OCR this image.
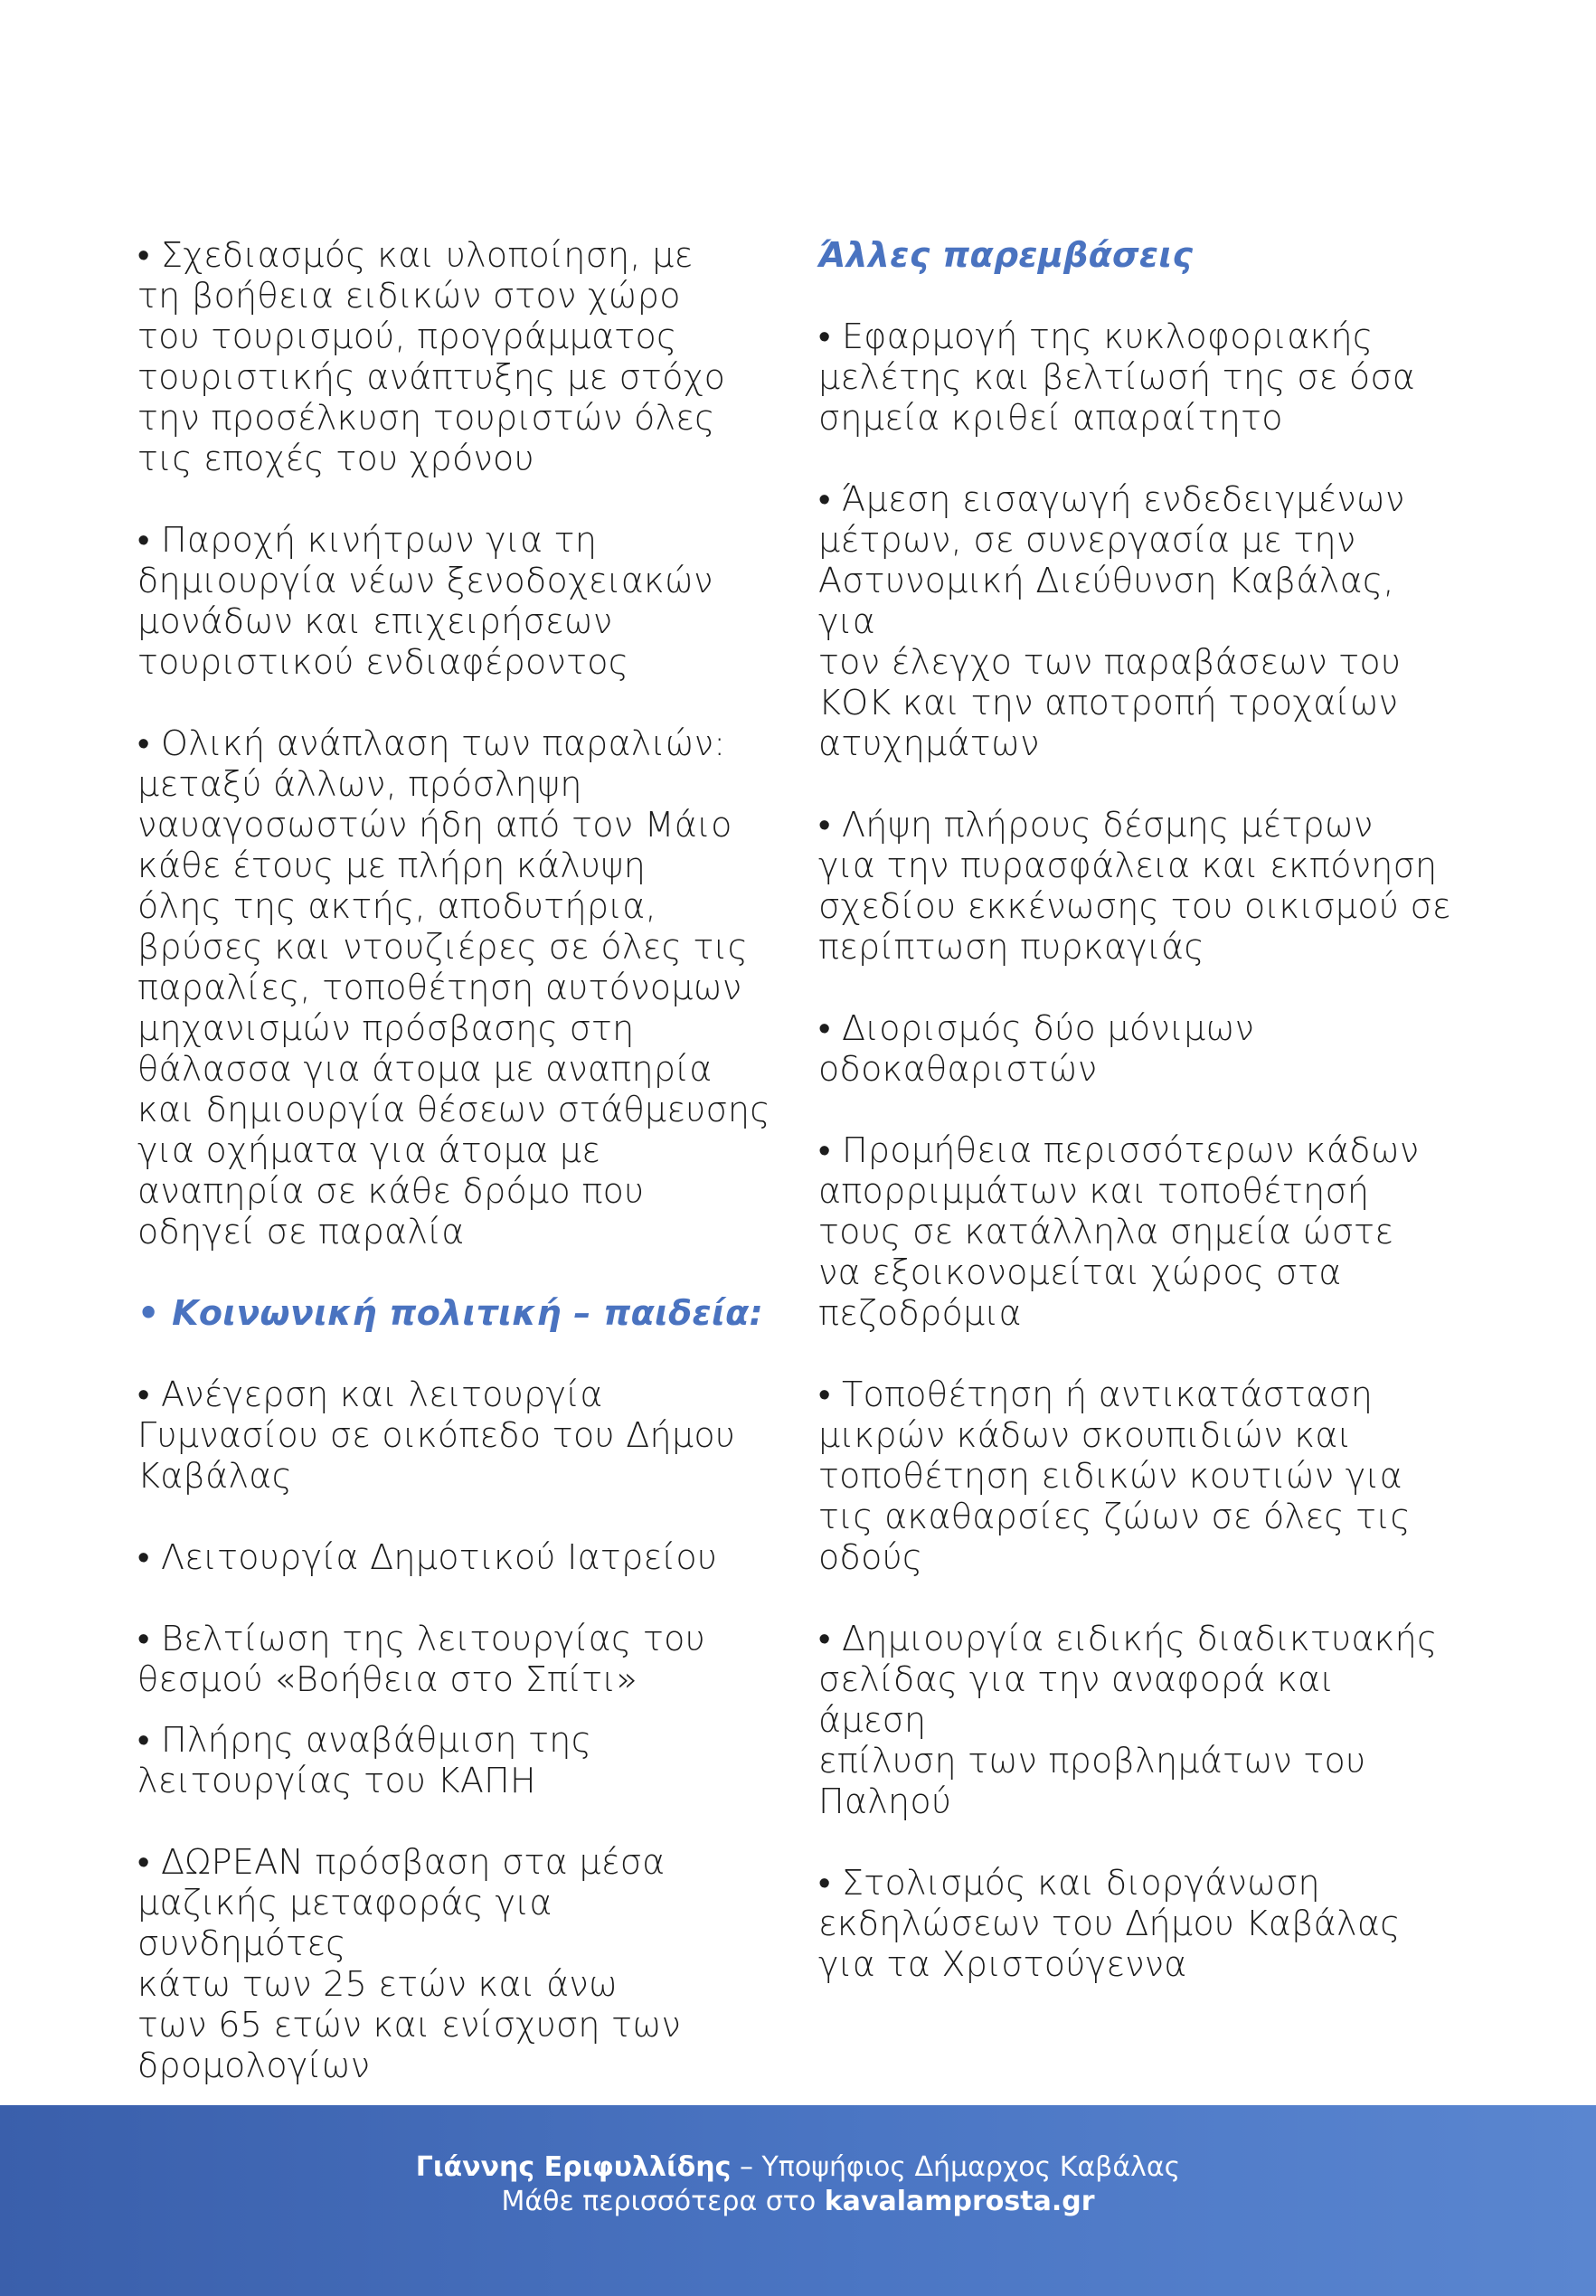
• Σχεδιασμός και υλοποίηση, με
τη βοήθεια ειδικών στον χώρο
του τουρισμού, προγράμματος
τουριστικής ανάπτυξης με στόχο
την προσέλκυση τουριστών όλες
τις εποχές του χρόνου
• Παροχή κινήτρων για τη
δημιουργία νέων ξενοδοχειακών
μονάδων και επιχειρήσεων
τουριστικού ενδιαφέροντος
• Ολική ανάπλαση των παραλιών:
μεταξύ άλλων, πρόσληψη
ναυαγοσωστών ήδη από τον Μάιο
κάθε έτους με πλήρη κάλυψη
όλης της ακτής, αποδυτήρια,
βρύσες και ντουζιέρες σε όλες τις
παραλίες, τοποθέτηση αυτόνομων
μηχανισμών πρόσβασης στη
θάλασσα για άτομα με αναπηρία
και δημιουργία θέσεων στάθμευσης
για οχήματα για άτομα με
αναπηρία σε κάθε δρόμο που
οδηγεί σε παραλία
• Κοινωνική πολιτική – παιδεία:
• Ανέγερση και λειτουργία
Γυμνασίου σε οικόπεδο του Δήμου
Καβάλας
• Λειτουργία Δημοτικού Ιατρείου
• Βελτίωση της λειτουργίας του
θεσμού «Βοήθεια στο Σπίτι»
• Πλήρης αναβάθμιση της
λειτουργίας του ΚΑΠΗ
• ΔΩΡΕΑΝ πρόσβαση στα μέσα
μαζικής μεταφοράς για συνδημότες
κάτω των 25 ετών και άνω
των 65 ετών και ενίσχυση των
δρομολογίων
Άλλες παρεμβάσεις
• Εφαρμογή της κυκλοφοριακής
μελέτης και βελτίωσή της σε όσα
σημεία κριθεί απαραίτητο
• Άμεση εισαγωγή ενδεδειγμένων
μέτρων, σε συνεργασία με την
Αστυνομική Διεύθυνση Καβάλας, για
τον έλεγχο των παραβάσεων του
ΚΟΚ και την αποτροπή τροχαίων
ατυχημάτων
• Λήψη πλήρους δέσμης μέτρων
για την πυρασφάλεια και εκπόνηση
σχεδίου εκκένωσης του οικισμού σε
περίπτωση πυρκαγιάς
• Διορισμός δύο μόνιμων
οδοκαθαριστών
• Προμήθεια περισσότερων κάδων
απορριμμάτων και τοποθέτησή
τους σε κατάλληλα σημεία ώστε
να εξοικονομείται χώρος στα
πεζοδρόμια
• Τοποθέτηση ή αντικατάσταση
μικρών κάδων σκουπιδιών και
τοποθέτηση ειδικών κουτιών για
τις ακαθαρσίες ζώων σε όλες τις
οδούς
• Δημιουργία ειδικής διαδικτυακής
σελίδας για την αναφορά και άμεση
επίλυση των προβλημάτων του
Παληού
• Στολισμός και διοργάνωση
εκδηλώσεων του Δήμου Καβάλας
για τα Χριστούγεννα
Γιάννης Εριφυλλίδης – Υποψήφιος Δήμαρχος Καβάλας
Μάθε περισσότερα στο kavalamprosta.gr
